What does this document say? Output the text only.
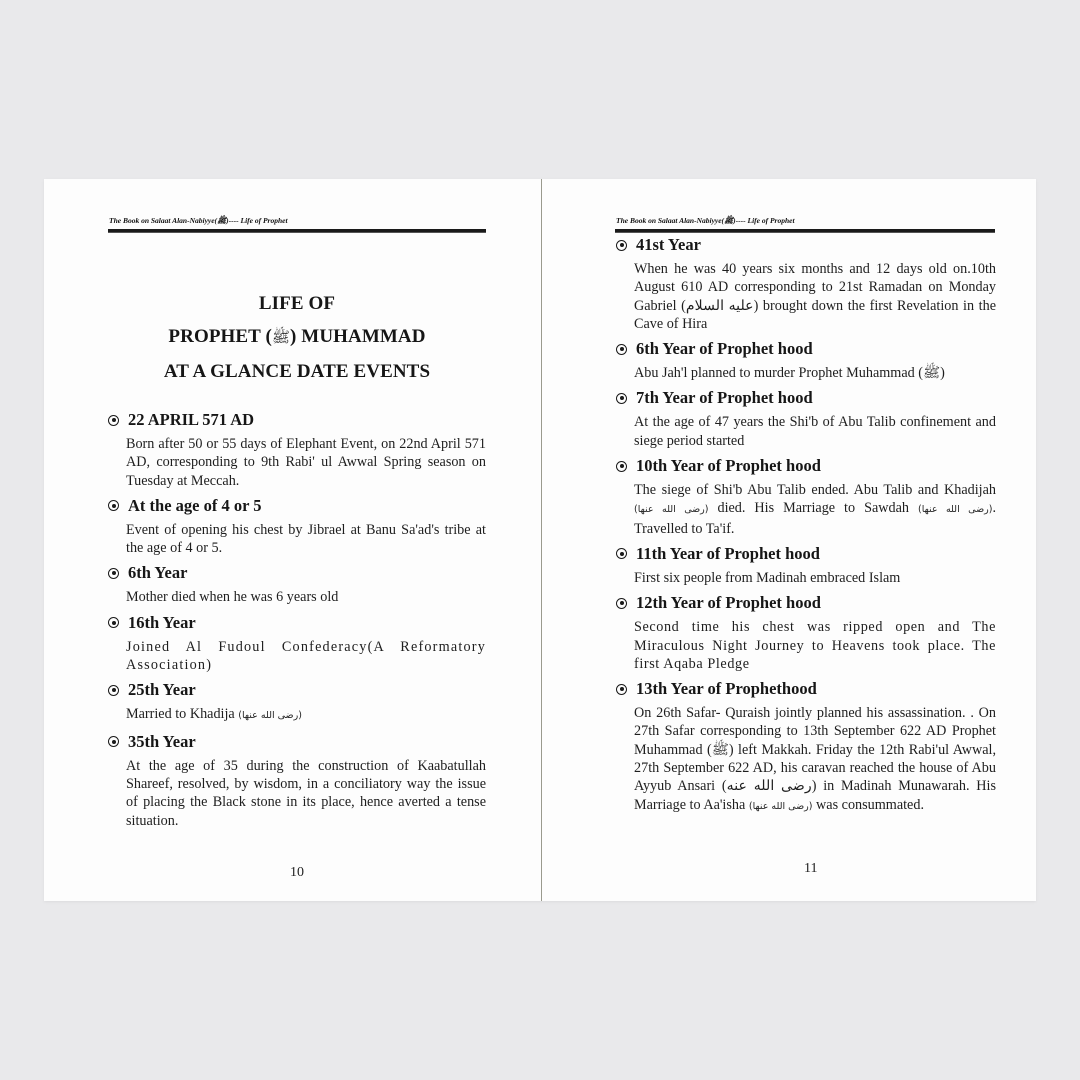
The Book on Salaat Alan-Nabiyye(ﷺ)---- Life of Prophet
LIFE OF
PROPHET (ﷺ) MUHAMMAD
AT A GLANCE DATE EVENTS
22 APRIL 571 AD
Born after 50 or 55 days of Elephant Event, on 22nd April 571 AD, corresponding to 9th Rabi' ul Awwal Spring season on Tuesday at Meccah.
At the age of 4 or 5
Event of opening his chest by Jibrael at Banu Sa'ad's tribe at the age of 4 or 5.
6th Year
Mother died when he was 6 years old
16th Year
Joined Al Fudoul Confederacy(A Reformatory Association)
25th Year
Married to Khadija (رضی الله عنها)
35th Year
At the age of 35 during the construction of Kaabatullah Shareef, resolved, by wisdom, in a conciliatory way the issue of placing the Black stone in its place, hence averted a tense situation.
10
The Book on Salaat Alan-Nabiyye(ﷺ)---- Life of Prophet
41st Year
When he was 40 years six months and 12 days old on.10th August 610 AD corresponding to 21st Ramadan on Monday Gabriel (عليه السلام) brought down the first Revelation in the Cave of Hira
6th Year of Prophet hood
Abu Jah'l planned to murder Prophet Muhammad (ﷺ)
7th Year of Prophet hood
At the age of 47 years the Shi'b of Abu Talib confinement and siege period started
10th Year of Prophet hood
The siege of Shi'b Abu Talib ended. Abu Talib and Khadijah (رضی الله عنها) died. His Marriage to Sawdah (رضی الله عنها). Travelled to Ta'if.
11th Year of Prophet hood
First six people from Madinah embraced Islam
12th Year of Prophet hood
Second time his chest was ripped open and The Miraculous Night Journey to Heavens took place. The first Aqaba Pledge
13th Year of Prophethood
On 26th Safar- Quraish jointly planned his assassination. . On 27th Safar corresponding to 13th September 622 AD Prophet Muhammad (ﷺ) left Makkah. Friday the 12th Rabi'ul Awwal, 27th September 622 AD, his caravan reached the house of Abu Ayyub Ansari (رضی الله عنه) in Madinah Munawarah. His Marriage to Aa'isha (رضی الله عنها) was consummated.
11
